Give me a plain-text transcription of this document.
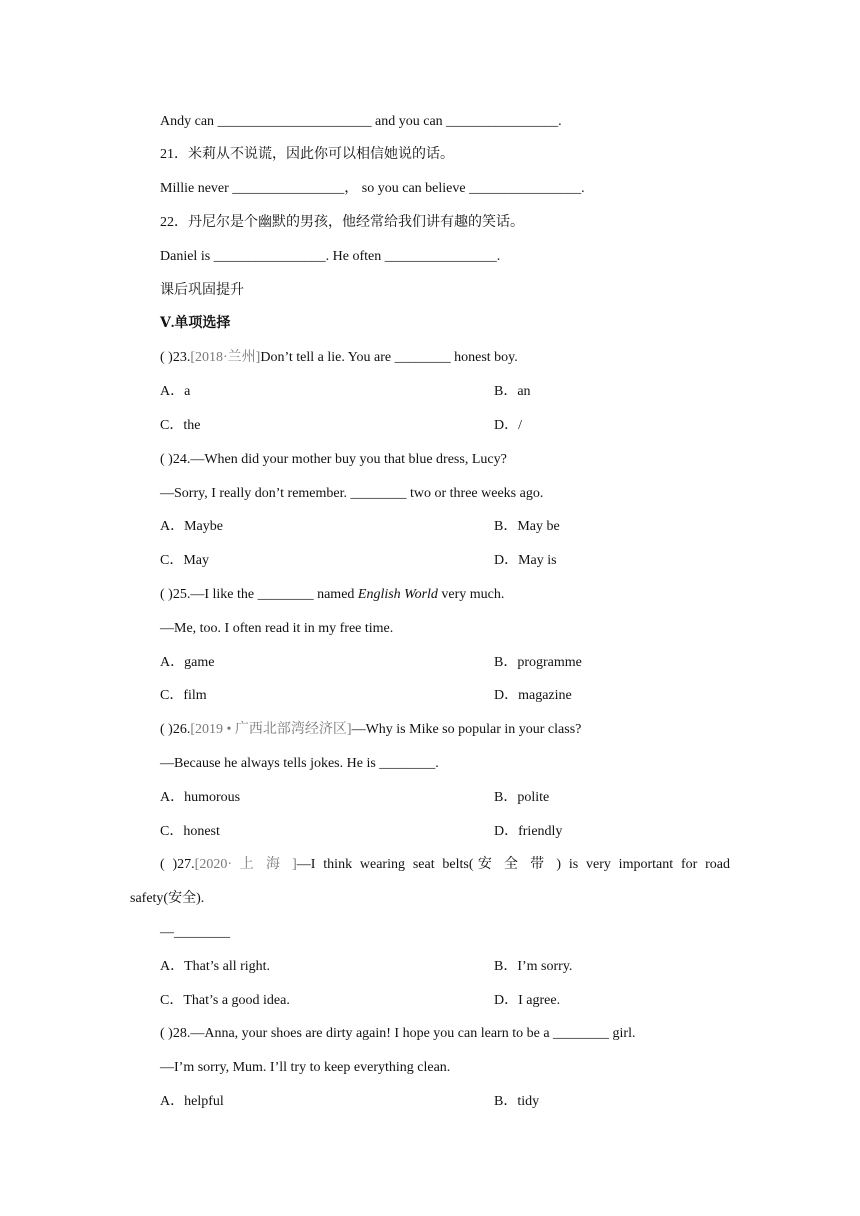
Andy can ______________________ and you can ________________.
21．米莉从不说谎，因此你可以相信她说的话。
Millie never ________________， so you can believe ________________.
22．丹尼尔是个幽默的男孩，他经常给我们讲有趣的笑话。
Daniel is ________________. He often ________________.
课后巩固提升
Ⅴ.单项选择
( )23.[2018·兰州]Don’t tell a lie. You are ________ honest boy.
A．a	B．an
C．the	D．/
( )24.—When did your mother buy you that blue dress, Lucy?
—Sorry, I really don’t remember. ________ two or three weeks ago.
A．Maybe	B．May be
C．May	D．May is
( )25.—I like the ________ named English World very much.
—Me, too. I often read it in my free time.
A．game	B．programme
C．film	D．magazine
( )26.[2019 • 广西北部湾经济区]—Why is Mike so popular in your class?
—Because he always tells jokes. He is ________.
A．humorous	B．polite
C．honest	D．friendly
( )27.[2020· 上 海 ]—I think wearing seat belts(安 全 带 ) is very important for road
safety(安全).
—________
A．That’s all right.	B．I’m sorry.
C．That’s a good idea.	D．I agree.
( )28.—Anna, your shoes are dirty again! I hope you can learn to be a ________ girl.
—I’m sorry, Mum. I’ll try to keep everything clean.
A．helpful	B．tidy
